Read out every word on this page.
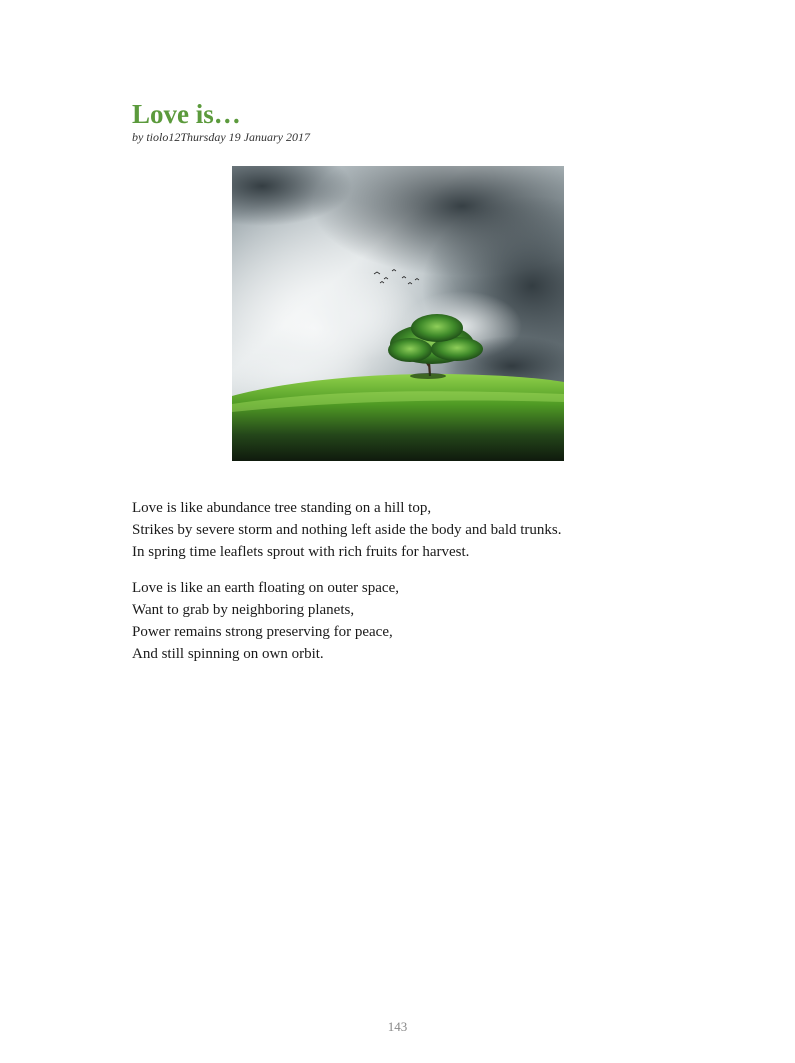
Love is…

by tiolo12Thursday 19 January 2017

Love is like abundance tree standing on a hill top,
Strikes by severe storm and nothing left aside the body and bald trunks.
In spring time leaflets sprout with rich fruits for harvest.

Love is like an earth floating on outer space,
Want to grab by neighboring planets,
Power remains strong preserving for peace,
And still spinning on own orbit.

143
